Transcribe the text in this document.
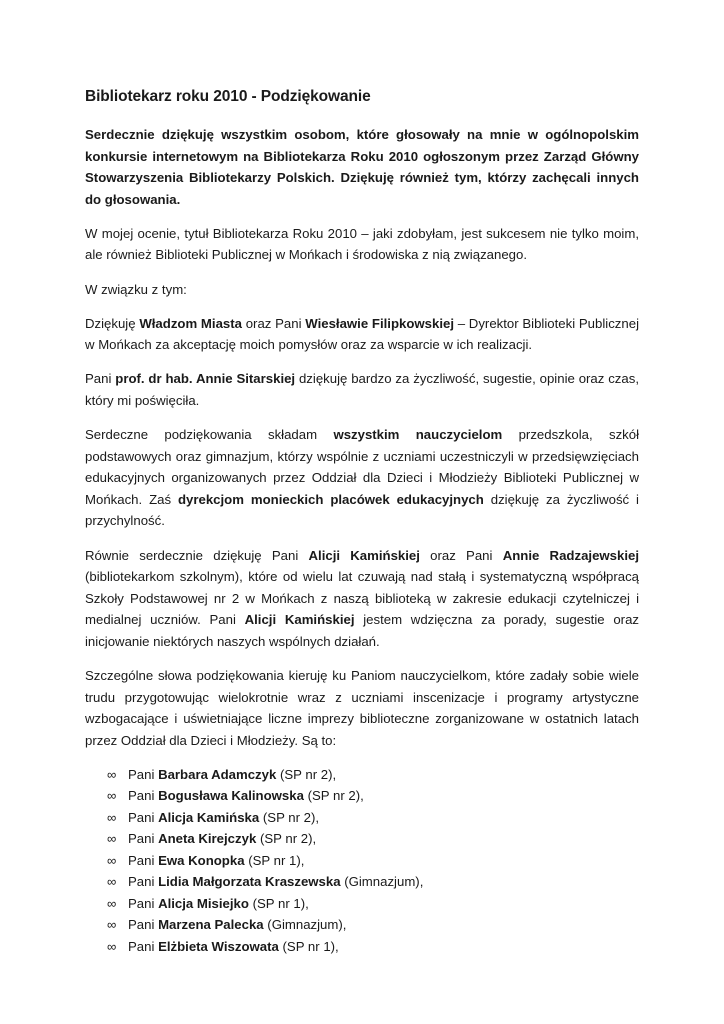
Bibliotekarz roku 2010 - Podziękowanie

Serdecznie dziękuję wszystkim osobom, które głosowały na mnie w ogólnopolskim konkursie internetowym na Bibliotekarza Roku 2010 ogłoszonym przez Zarząd Główny Stowarzyszenia Bibliotekarzy Polskich. Dziękuję również tym, którzy zachęcali innych do głosowania.

W mojej ocenie, tytuł Bibliotekarza Roku 2010 – jaki zdobyłam, jest sukcesem nie tylko moim, ale również Biblioteki Publicznej w Mońkach i środowiska z nią związanego.

W związku z tym:

Dziękuję Władzom Miasta oraz Pani Wiesławie Filipkowskiej – Dyrektor Biblioteki Publicznej w Mońkach za akceptację moich pomysłów oraz za wsparcie w ich realizacji.

Pani prof. dr hab. Annie Sitarskiej dziękuję bardzo za życzliwość, sugestie, opinie oraz czas, który mi poświęciła.

Serdeczne podziękowania składam wszystkim nauczycielom przedszkola, szkół podstawowych oraz gimnazjum, którzy wspólnie z uczniami uczestniczyli w przedsięwzięciach edukacyjnych organizowanych przez Oddział dla Dzieci i Młodzieży Biblioteki Publicznej w Mońkach. Zaś dyrekcjom monieckich placówek edukacyjnych dziękuję za życzliwość i przychylność.

Równie serdecznie dziękuję Pani Alicji Kamińskiej oraz Pani Annie Radzajewskiej (bibliotekarkom szkolnym), które od wielu lat czuwają nad stałą i systematyczną współpracą Szkoły Podstawowej nr 2 w Mońkach z naszą biblioteką w zakresie edukacji czytelniczej i medialnej uczniów. Pani Alicji Kamińskiej jestem wdzięczna za porady, sugestie oraz inicjowanie niektórych naszych wspólnych działań.

Szczególne słowa podziękowania kieruję ku Paniom nauczycielkom, które zadały sobie wiele trudu przygotowując wielokrotnie wraz z uczniami inscenizacje i programy artystyczne wzbogacające i uświetniające liczne imprezy biblioteczne zorganizowane w ostatnich latach przez Oddział dla Dzieci i Młodzieży. Są to:

∞ Pani Barbara Adamczyk (SP nr 2),
∞ Pani Bogusława Kalinowska (SP nr 2),
∞ Pani Alicja Kamińska (SP nr 2),
∞ Pani Aneta Kirejczyk (SP nr 2),
∞ Pani Ewa Konopka (SP nr 1),
∞ Pani Lidia Małgorzata Kraszewska (Gimnazjum),
∞ Pani Alicja Misiejko (SP nr 1),
∞ Pani Marzena Palecka (Gimnazjum),
∞ Pani Elżbieta Wiszowata (SP nr 1),
